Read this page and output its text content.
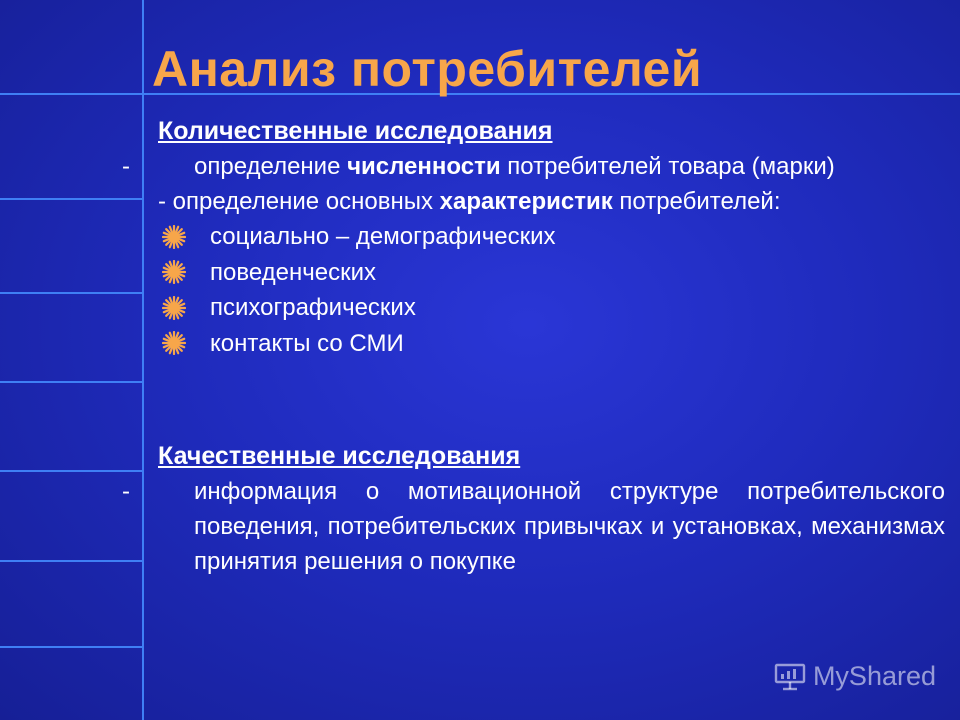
Анализ потребителей
Количественные исследования
-	определение численности потребителей товара (марки)
- определение основных характеристик потребителей:
социально – демографических
поведенческих
психографических
контакты со СМИ
Качественные исследования
-	информация о мотивационной структуре потребительского поведения, потребительских привычках и установках, механизмах принятия решения о покупке
MyShared
